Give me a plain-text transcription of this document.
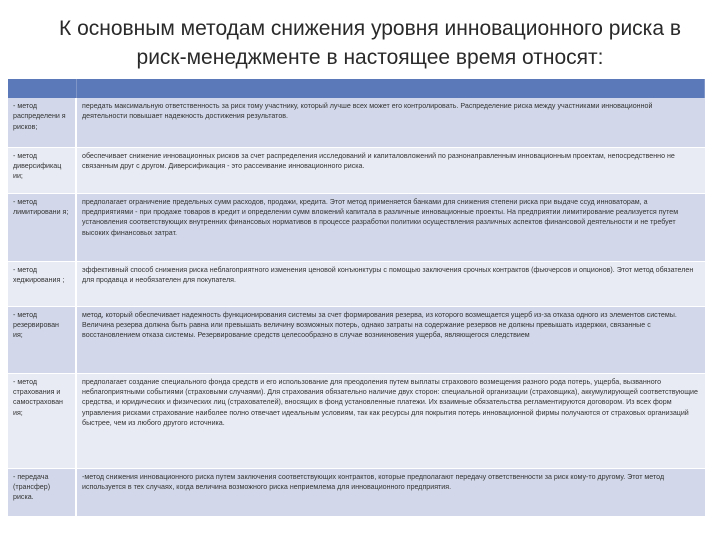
К основным методам снижения уровня инновационного риска в риск-менеджменте в настоящее время относят:

- метод распределени я рисков;	передать максимальную ответственность за риск тому участнику, который лучше всех может его контролировать. Распределение риска между участниками инновационной деятельности повышает надежность достижения результатов.
- метод диверсификац ии;	обеспечивает снижение инновационных рисков за счет распределения исследований и капиталовложений по разнонаправленным инновационным проектам, непосредственно не связанным друг с другом. Диверсификация - это рассеивание инновационного риска.
- метод лимитировани я;	предполагает ограничение предельных сумм расходов, продажи, кредита. Этот метод применяется банками для снижения степени риска при выдаче ссуд инноваторам, а предприятиями - при продаже товаров в кредит и определении сумм вложений капитала в различные инновационные проекты. На предприятии лимитирование реализуется путем установления соответствующих внутренних финансовых нормативов в процессе разработки политики осуществления различных аспектов финансовой деятельности и не требует высоких финансовых затрат.
- метод хеджирования ;	эффективный способ снижения риска неблагоприятного изменения ценовой конъюнктуры с помощью заключения срочных контрактов (фьючерсов и опционов). Этот метод обязателен для продавца и необязателен для покупателя.
- метод резервирован ия;	метод, который обеспечивает надежность функционирования системы за счет формирования резерва, из которого возмещается ущерб из-за отказа одного из элементов системы. Величина резерва должна быть равна или превышать величину возможных потерь, однако затраты на содержание резервов не должны превышать издержки, связанные с восстановлением отказа системы. Резервирование средств целесообразно в случае возникновения ущерба, являющегося следствием
- метод страхования и самострахован ия;	предполагает создание специального фонда средств и его использование для преодоления путем выплаты страхового возмещения разного рода потерь, ущерба, вызванного неблагоприятными событиями (страховыми случаями). Для страхования обязательно наличие двух сторон: специальной организации (страховщика), аккумулирующей соответствующие средства, и юридических и физических лиц (страхователей), вносящих в фонд установленные платежи. Их взаимные обязательства регламентируются договором. Из всех форм управления рисками страхование наиболее полно отвечает идеальным условиям, так как ресурсы для покрытия потерь инновационной фирмы получаются от страховых организаций быстрее, чем из любого другого источника.
- передача (трансфер) риска.	-метод снижения инновационного риска путем заключения соответствующих контрактов, которые предполагают передачу ответственности за риск кому-то другому. Этот метод используется в тех случаях, когда величина возможного риска неприемлема для инновационного предприятия.
